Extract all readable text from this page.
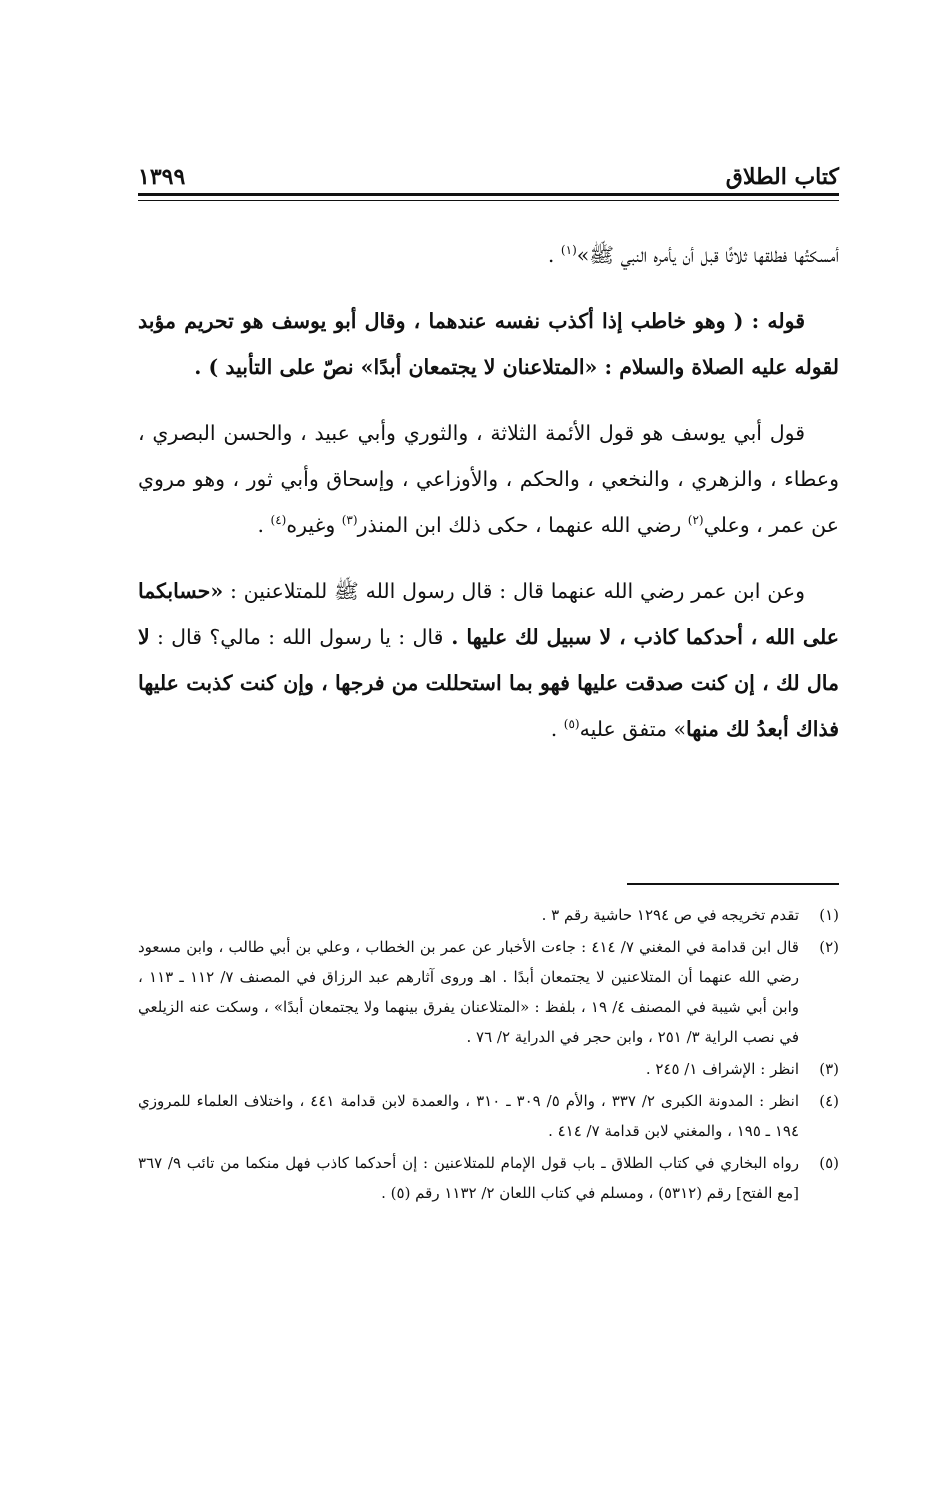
كتاب الطلاق
١٣٩٩

أمسكتُها فطلقها ثلاثًا قبل أن يأمره النبي ﷺ»$^{(١)}$ .

قوله : ( وهو خاطب إذا أكذب نفسه عندهما ، وقال أبو يوسف هو تحريم مؤبد لقوله عليه الصلاة والسلام : «المتلاعنان لا يجتمعان أبدًا» نصّ على التأبيد ) .

قول أبي يوسف هو قول الأئمة الثلاثة ، والثوري وأبي عبيد ، والحسن البصري ، وعطاء ، والزهري ، والنخعي ، والحكم ، والأوزاعي ، وإسحاق وأبي ثور ، وهو مروي عن عمر ، وعلي$^{(٢)}$ رضي الله عنهما ، حكى ذلك ابن المنذر$^{(٣)}$ وغيره$^{(٤)}$ .

وعن ابن عمر رضي الله عنهما قال : قال رسول الله ﷺ للمتلاعنين : «حسابكما على الله ، أحدكما كاذب ، لا سبيل لك عليها . قال : يا رسول الله : مالي؟ قال : لا مال لك ، إن كنت صدقت عليها فهو بما استحللت من فرجها ، وإن كنت كذبت عليها فذاك أبعدُ لك منها» متفق عليه$^{(٥)}$ .

(١)
تقدم تخريجه في ص ١٢٩٤ حاشية رقم ٣ .
(٢)
قال ابن قدامة في المغني ٧/ ٤١٤ : جاءت الأخبار عن عمر بن الخطاب ، وعلي بن أبي طالب ، وابن مسعود رضي الله عنهما أن المتلاعنين لا يجتمعان أبدًا . اهـ وروى آثارهم عبد الرزاق في المصنف ٧/ ١١٢ ـ ١١٣ ، وابن أبي شيبة في المصنف ٤/ ١٩ ، بلفظ : «المتلاعنان يفرق بينهما ولا يجتمعان أبدًا» ، وسكت عنه الزيلعي في نصب الراية ٣/ ٢٥١ ، وابن حجر في الدراية ٢/ ٧٦ .
(٣)
انظر : الإشراف ١/ ٢٤٥ .
(٤)
انظر : المدونة الكبرى ٢/ ٣٣٧ ، والأم ٥/ ٣٠٩ ـ ٣١٠ ، والعمدة لابن قدامة ٤٤١ ، واختلاف العلماء للمروزي ١٩٤ ـ ١٩٥ ، والمغني لابن قدامة ٧/ ٤١٤ .
(٥)
رواه البخاري في كتاب الطلاق ـ باب قول الإمام للمتلاعنين : إن أحدكما كاذب فهل منكما من تائب ٩/ ٣٦٧ [مع الفتح] رقم (٥٣١٢) ، ومسلم في كتاب اللعان ٢/ ١١٣٢ رقم (٥) .
